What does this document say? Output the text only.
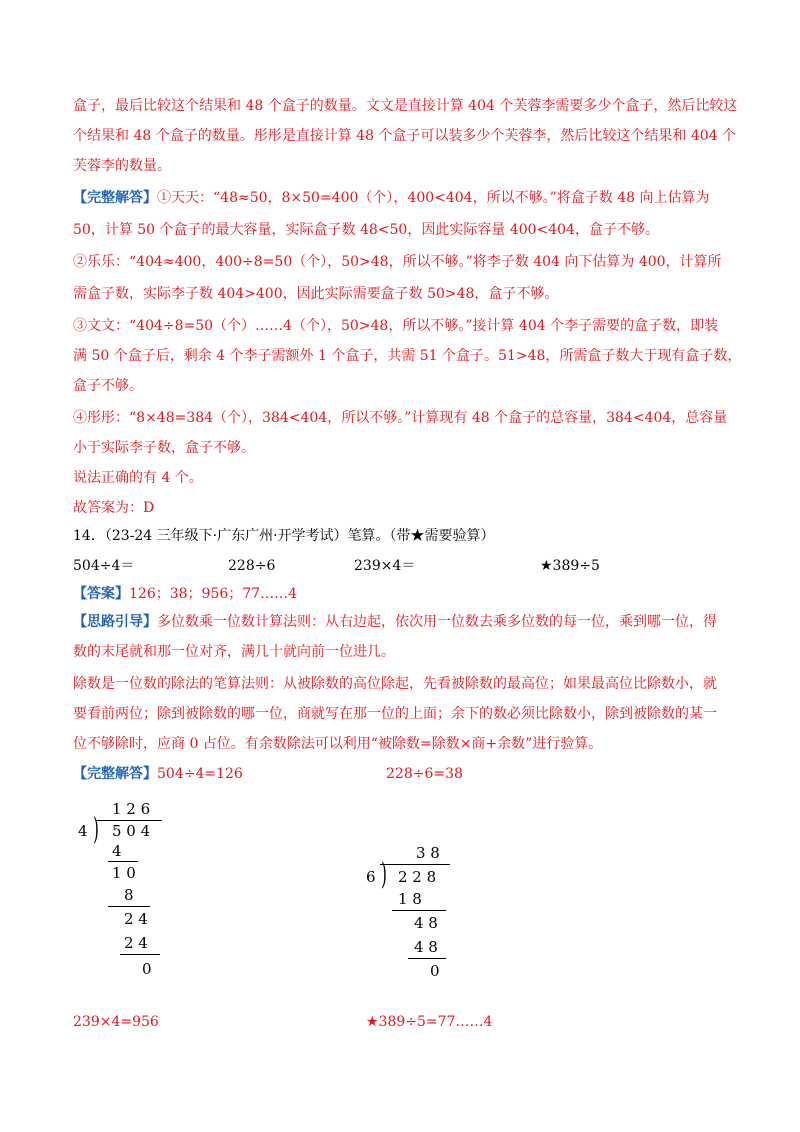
盒子，最后比较这个结果和 48 个盒子的数量。文文是直接计算 404 个芙蓉李需要多少个盒子，然后比较这
个结果和 48 个盒子的数量。彤彤是直接计算 48 个盒子可以装多少个芙蓉李，然后比较这个结果和 404 个
芙蓉李的数量。
【完整解答】①天天：“48≈50，8×50=400（个），400<404，所以不够。”将盒子数 48 向上估算为
50，计算 50 个盒子的最大容量，实际盒子数 48<50，因此实际容量 400<404，盒子不够。
②乐乐：“404≈400，400÷8=50（个），50>48，所以不够。”将李子数 404 向下估算为 400，计算所
需盒子数，实际李子数 404>400，因此实际需要盒子数 50>48，盒子不够。
③文文：“404÷8=50（个）……4（个），50>48，所以不够。”接计算 404 个李子需要的盒子数，即装
满 50 个盒子后，剩余 4 个李子需额外 1 个盒子，共需 51 个盒子。51>48，所需盒子数大于现有盒子数，
盒子不够。
④彤彤：“8×48=384（个），384<404，所以不够。”计算现有 48 个盒子的总容量，384<404，总容量
小于实际李子数，盒子不够。
说法正确的有 4 个。
故答案为：D
14．（23-24 三年级下·广东广州·开学考试）笔算。（带★需要验算）
504÷4＝	228÷6	239×4＝	★389÷5
【答案】126；38；956；77……4
【思路引导】多位数乘一位数计算法则：从右边起，依次用一位数去乘多位数的每一位，乘到哪一位，得
数的末尾就和那一位对齐，满几十就向前一位进几。
除数是一位数的除法的笔算法则：从被除数的高位除起，先看被除数的最高位；如果最高位比除数小，就
要看前两位；除到被除数的哪一位，商就写在那一位的上面；余下的数必须比除数小，除到被除数的某一
位不够除时，应商 0 占位。有余数除法可以利用“被除数=除数×商+余数”进行验算。
【完整解答】504÷4=126	228÷6=38
1 2 6
4 ) 5 0 4
4
1 0
8
2 4
2 4
0
3 8
6 ) 2 2 8
1 8
4 8
4 8
0
239×4=956	★389÷5=77……4
